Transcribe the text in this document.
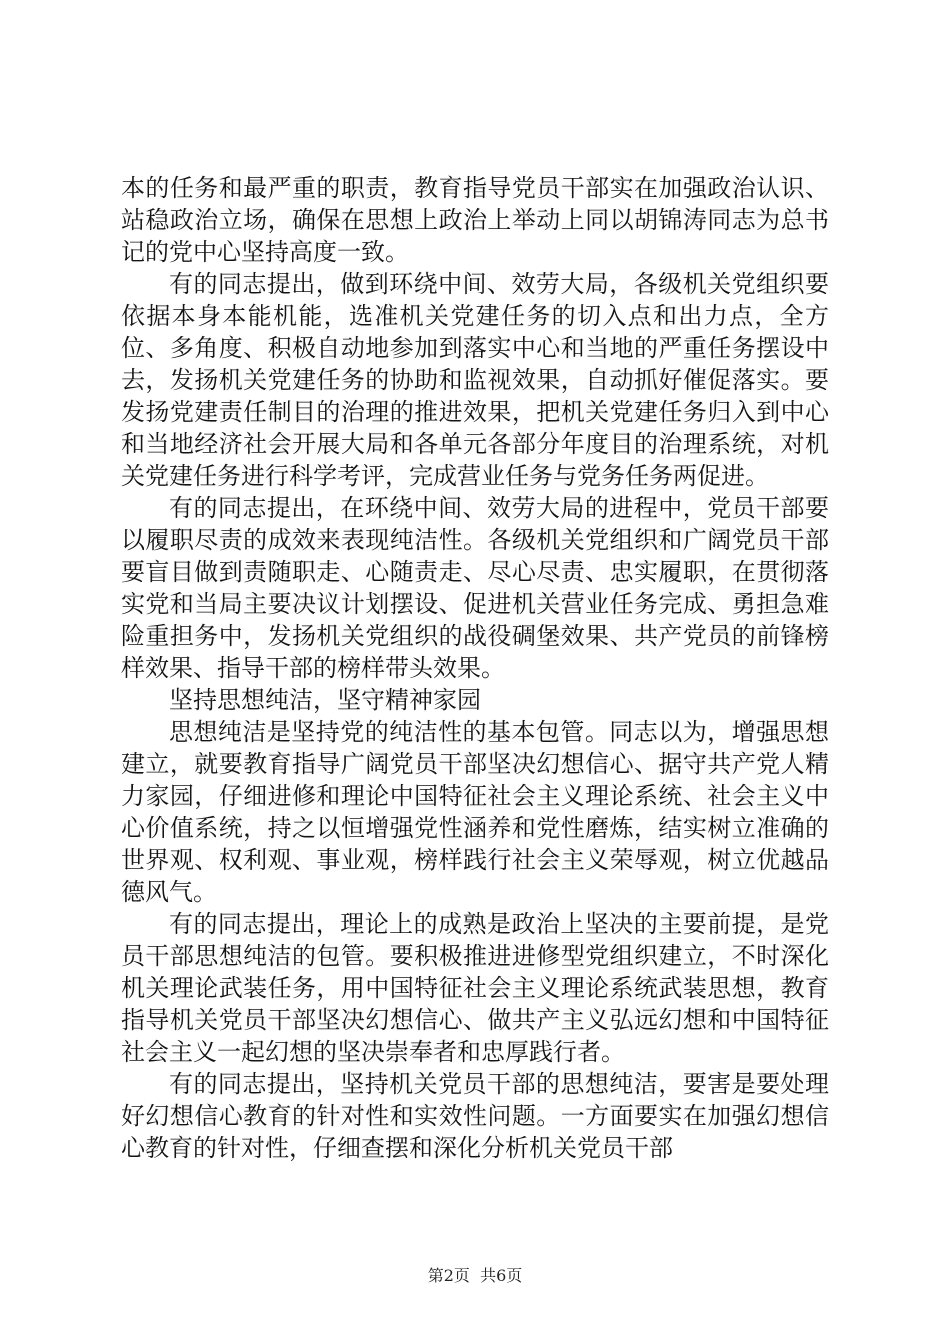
本的任务和最严重的职责，教育指导党员干部实在加强政治认识、站稳政治立场，确保在思想上政治上举动上同以胡锦涛同志为总书记的党中心坚持高度一致。

有的同志提出，做到环绕中间、效劳大局，各级机关党组织要依据本身本能机能，选准机关党建任务的切入点和出力点，全方位、多角度、积极自动地参加到落实中心和当地的严重任务摆设中去，发扬机关党建任务的协助和监视效果，自动抓好催促落实。要发扬党建责任制目的治理的推进效果，把机关党建任务归入到中心和当地经济社会开展大局和各单元各部分年度目的治理系统，对机关党建任务进行科学考评，完成营业任务与党务任务两促进。

有的同志提出，在环绕中间、效劳大局的进程中，党员干部要以履职尽责的成效来表现纯洁性。各级机关党组织和广阔党员干部要盲目做到责随职走、心随责走、尽心尽责、忠实履职，在贯彻落实党和当局主要决议计划摆设、促进机关营业任务完成、勇担急难险重担务中，发扬机关党组织的战役碉堡效果、共产党员的前锋榜样效果、指导干部的榜样带头效果。

坚持思想纯洁，坚守精神家园

思想纯洁是坚持党的纯洁性的基本包管。同志以为，增强思想建立，就要教育指导广阔党员干部坚决幻想信心、据守共产党人精力家园，仔细进修和理论中国特征社会主义理论系统、社会主义中心价值系统，持之以恒增强党性涵养和党性磨炼，结实树立准确的世界观、权利观、事业观，榜样践行社会主义荣辱观，树立优越品德风气。

有的同志提出，理论上的成熟是政治上坚决的主要前提，是党员干部思想纯洁的包管。要积极推进进修型党组织建立，不时深化机关理论武装任务，用中国特征社会主义理论系统武装思想，教育指导机关党员干部坚决幻想信心、做共产主义弘远幻想和中国特征社会主义一起幻想的坚决崇奉者和忠厚践行者。

有的同志提出，坚持机关党员干部的思想纯洁，要害是要处理好幻想信心教育的针对性和实效性问题。一方面要实在加强幻想信心教育的针对性，仔细查摆和深化分析机关党员干部

第2页  共6页
